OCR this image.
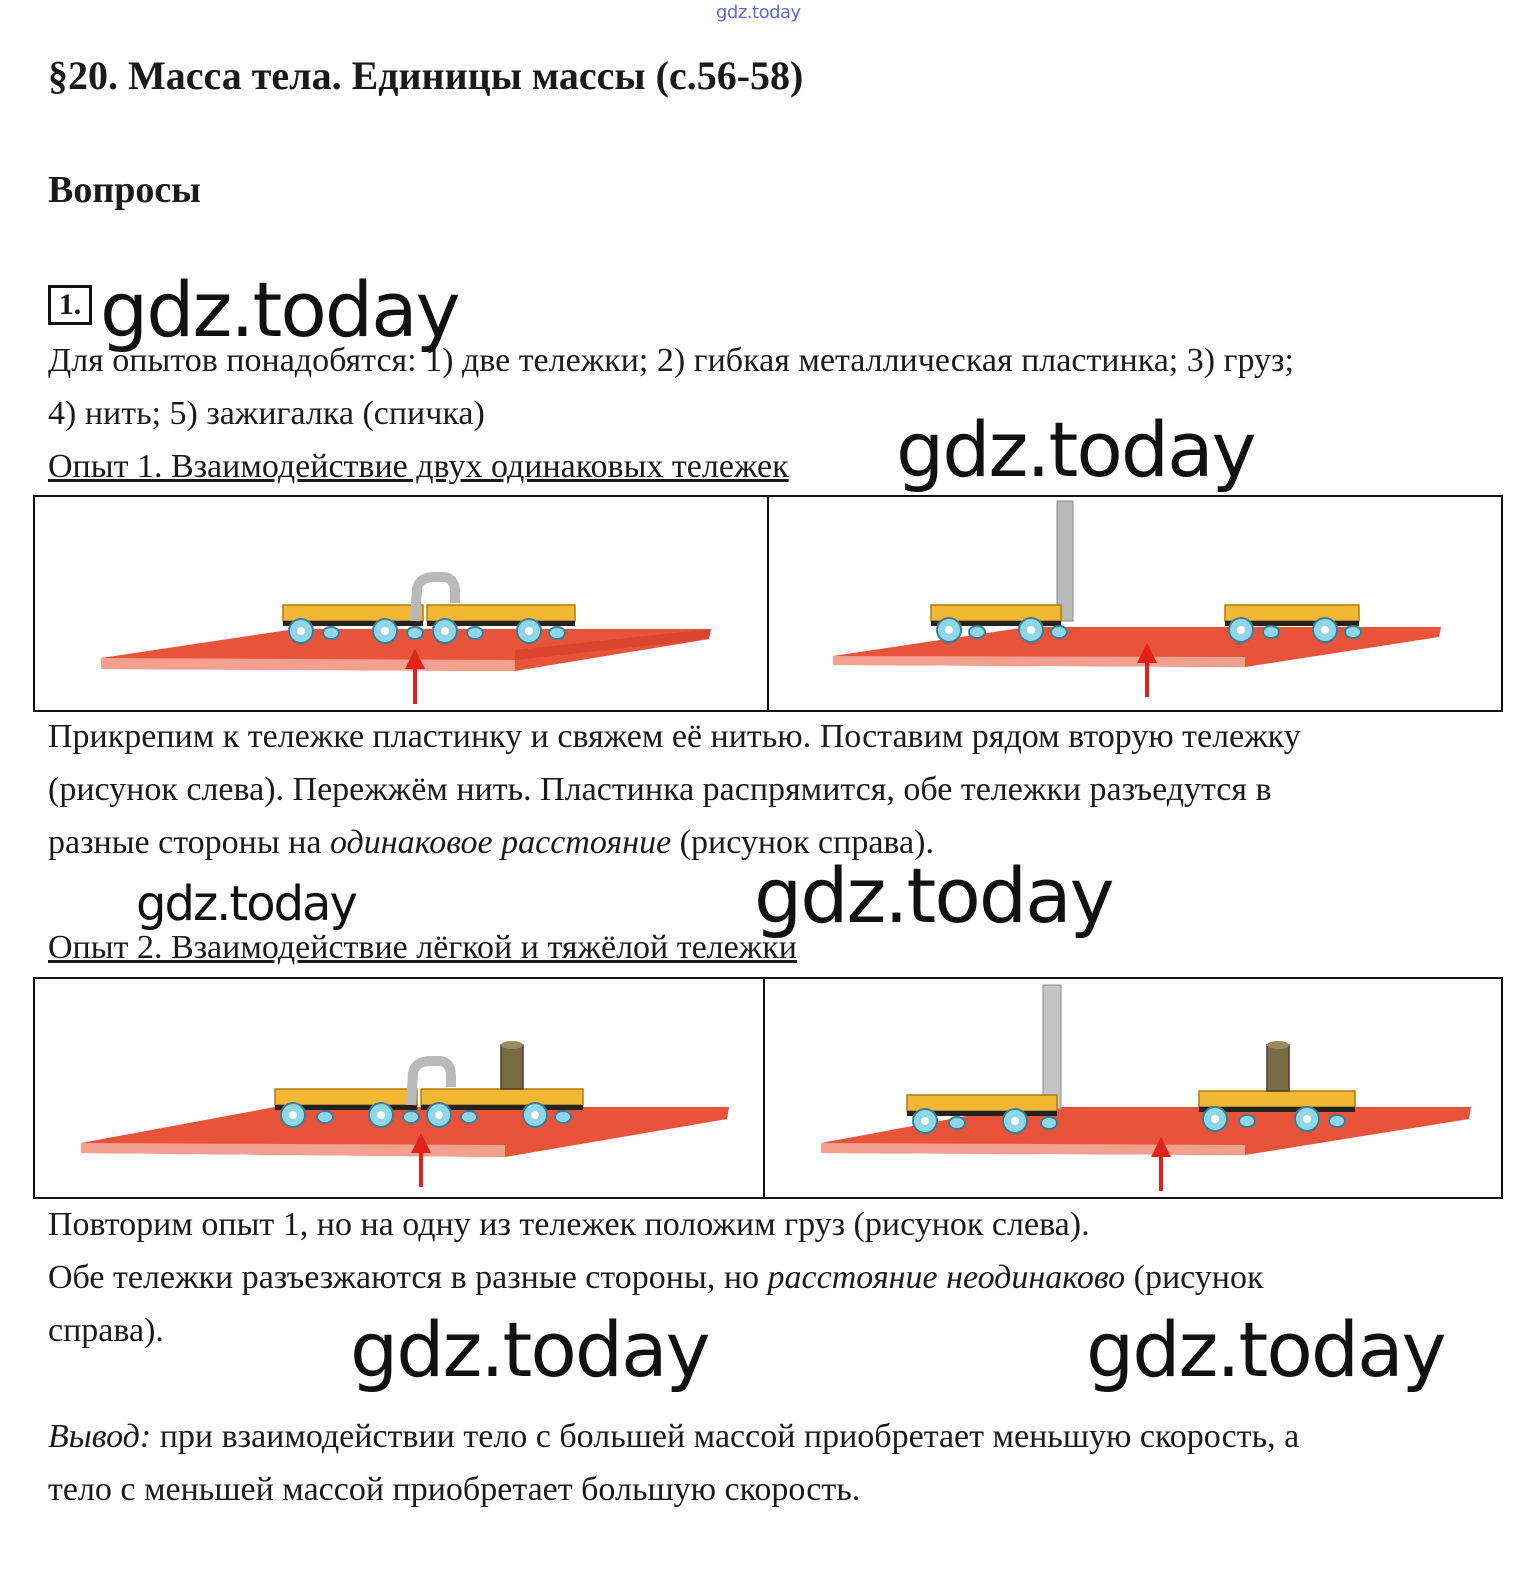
gdz.today
§20. Масса тела. Единицы массы (с.56-58)
Вопросы
1. gdz.today
Для опытов понадобятся: 1) две тележки; 2) гибкая металлическая пластинка; 3) груз;
4) нить; 5) зажигалка (спичка)
Опыт 1. Взаимодействие двух одинаковых тележек gdz.today
Прикрепим к тележке пластинку и свяжем её нитью. Поставим рядом вторую тележку
(рисунок слева). Пережжём нить. Пластинка распрямится, обе тележки разъедутся в
разные стороны на одинаковое расстояние (рисунок справа).
gdz.today	gdz.today
Опыт 2. Взаимодействие лёгкой и тяжёлой тележки
Повторим опыт 1, но на одну из тележек положим груз (рисунок слева).
Обе тележки разъезжаются в разные стороны, но расстояние неодинаково (рисунок
справа).	gdz.today	gdz.today
Вывод: при взаимодействии тело с большей массой приобретает меньшую скорость, а
тело с меньшей массой приобретает большую скорость.
